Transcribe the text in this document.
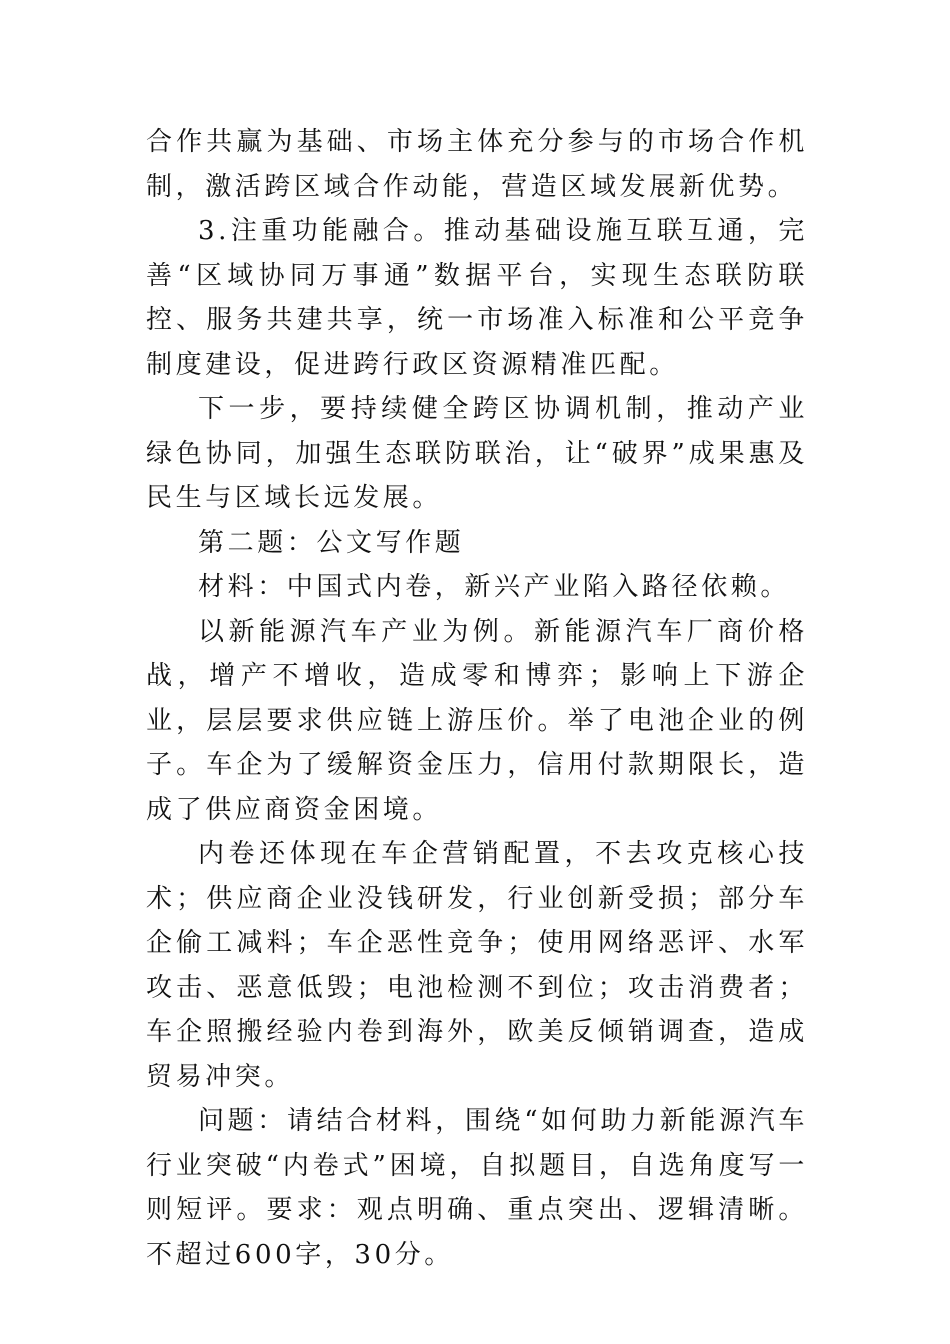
合作共赢为基础、市场主体充分参与的市场合作机制，激活跨区域合作动能，营造区域发展新优势。

3.注重功能融合。推动基础设施互联互通，完善“区域协同万事通”数据平台，实现生态联防联控、服务共建共享，统一市场准入标准和公平竞争制度建设，促进跨行政区资源精准匹配。

下一步，要持续健全跨区协调机制，推动产业绿色协同，加强生态联防联治，让“破界”成果惠及民生与区域长远发展。

第二题：公文写作题

材料：中国式内卷，新兴产业陷入路径依赖。

以新能源汽车产业为例。新能源汽车厂商价格战，增产不增收，造成零和博弈；影响上下游企业，层层要求供应链上游压价。举了电池企业的例子。车企为了缓解资金压力，信用付款期限长，造成了供应商资金困境。

内卷还体现在车企营销配置，不去攻克核心技术；供应商企业没钱研发，行业创新受损；部分车企偷工减料；车企恶性竞争；使用网络恶评、水军攻击、恶意低毁；电池检测不到位；攻击消费者；车企照搬经验内卷到海外，欧美反倾销调查，造成贸易冲突。

问题：请结合材料，围绕“如何助力新能源汽车行业突破“内卷式”困境，自拟题目，自选角度写一则短评。要求：观点明确、重点突出、逻辑清晰。不超过600字，30分。
